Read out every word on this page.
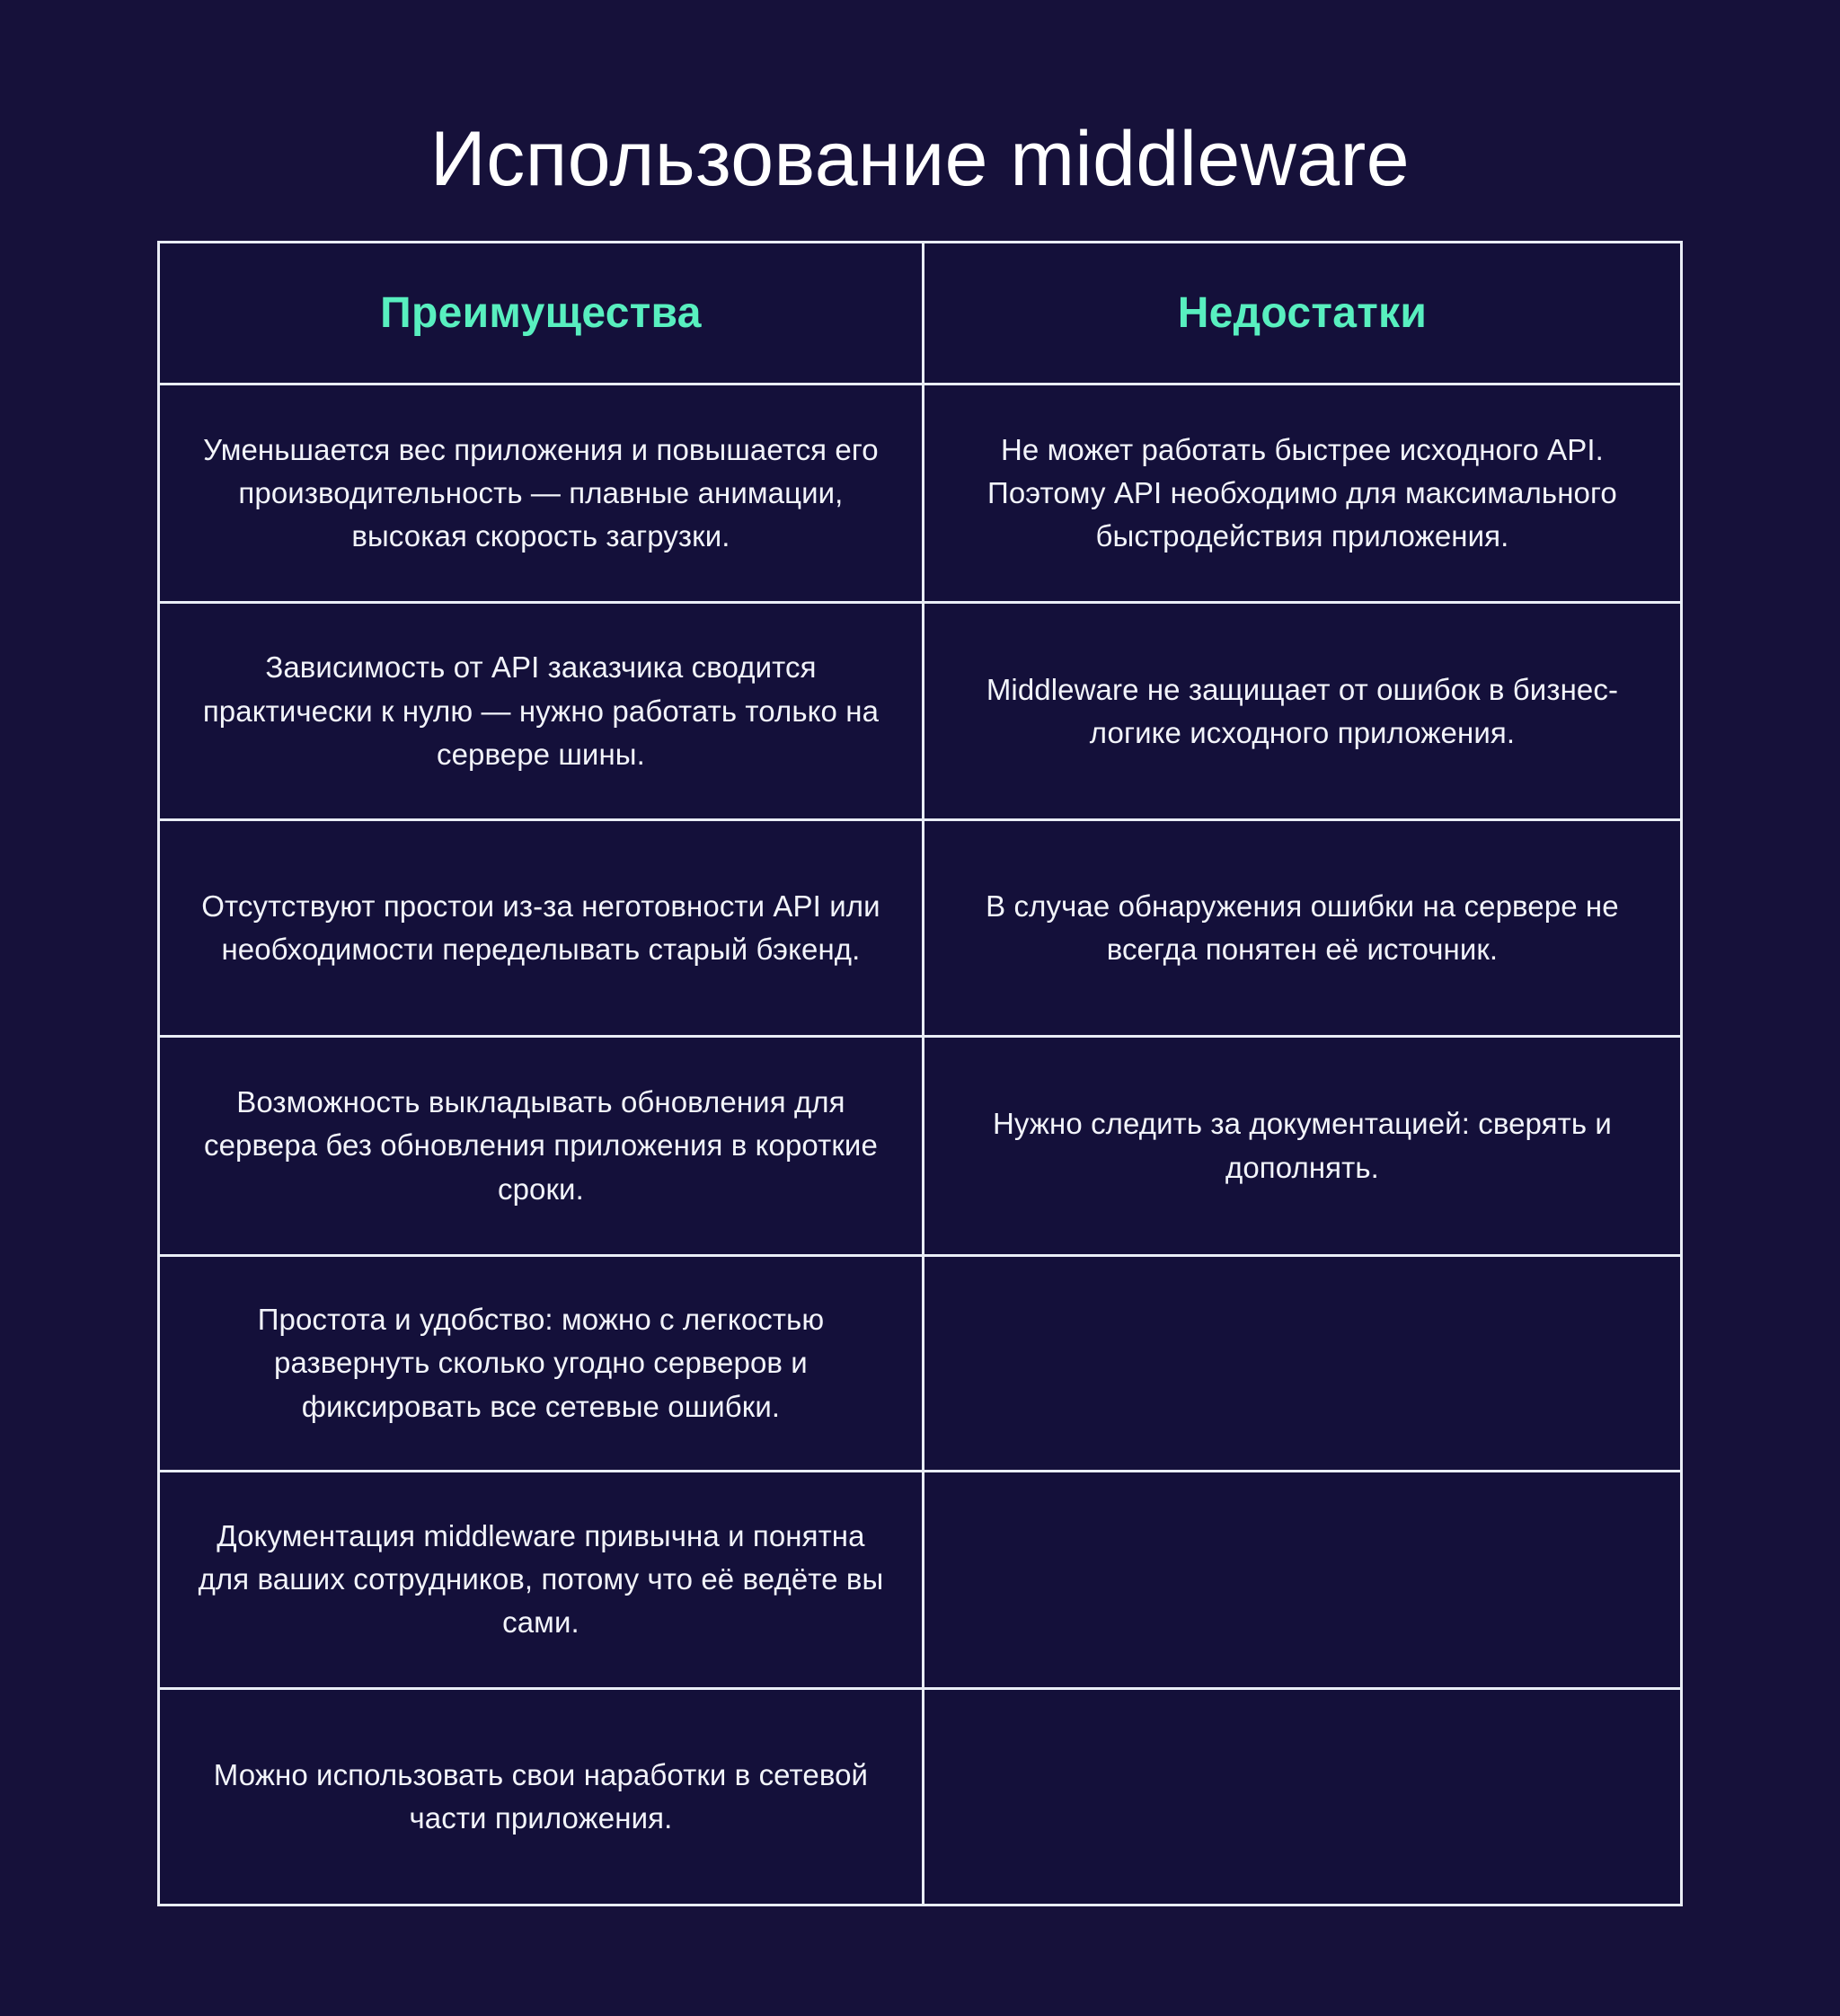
Использование middleware
Преимущества	Недостатки
Уменьшается вес приложения и повышается его производительность — плавные анимации, высокая скорость загрузки.	Не может работать быстрее исходного API. Поэтому API необходимо для максимального быстродействия приложения.
Зависимость от API заказчика сводится практически к нулю — нужно работать только на сервере шины.	Middleware не защищает от ошибок в бизнес-логике исходного приложения.
Отсутствуют простои из-за неготовности API или необходимости переделывать старый бэкенд.	В случае обнаружения ошибки на сервере не всегда понятен её источник.
Возможность выкладывать обновления для сервера без обновления приложения в короткие сроки.	Нужно следить за документацией: сверять и дополнять.
Простота и удобство: можно с легкостью развернуть сколько угодно серверов и фиксировать все сетевые ошибки.	
Документация middleware привычна и понятна для ваших сотрудников, потому что её ведёте вы сами.	
Можно использовать свои наработки в сетевой части приложения.	
